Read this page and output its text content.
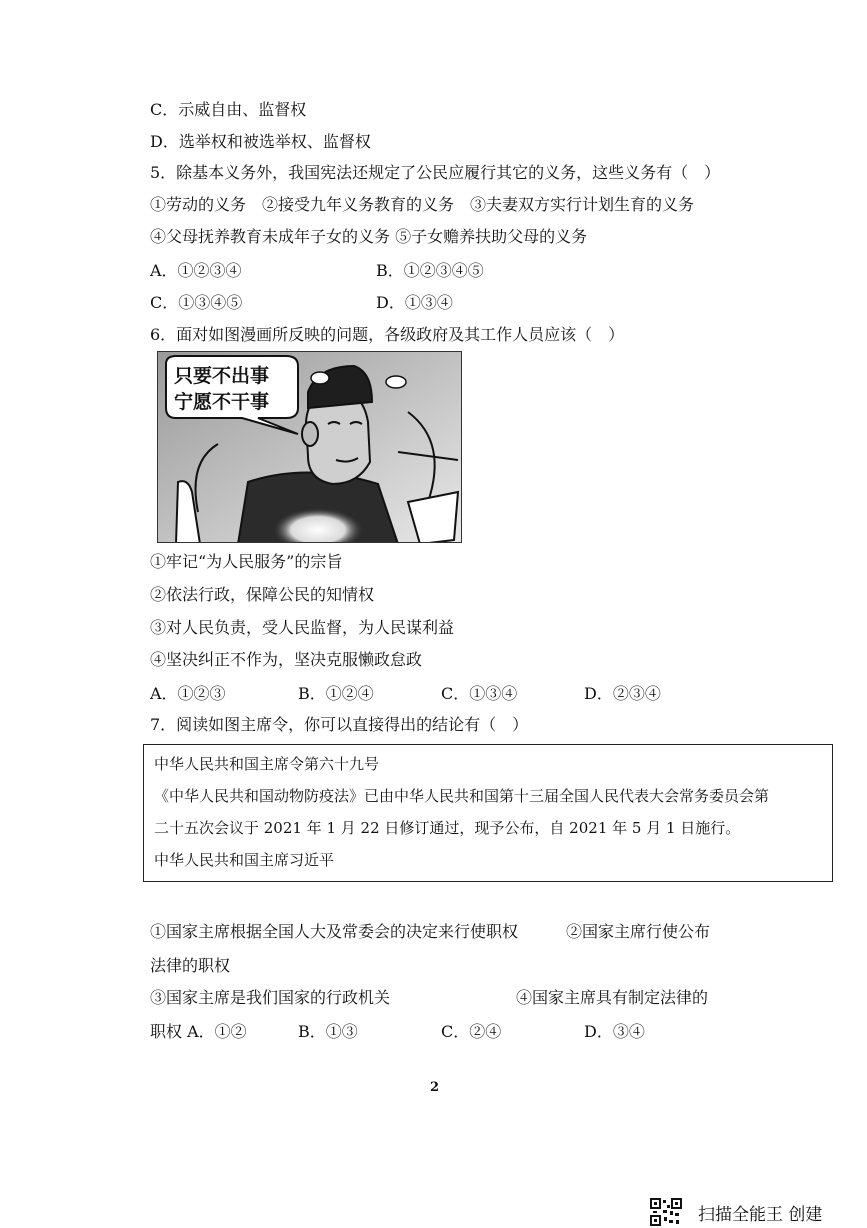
C．示威自由、监督权
D．选举权和被选举权、监督权
5．除基本义务外，我国宪法还规定了公民应履行其它的义务，这些义务有（　）
①劳动的义务　②接受九年义务教育的义务　③夫妻双方实行计划生育的义务
④父母抚养教育未成年子女的义务 ⑤子女赡养扶助父母的义务
A．①②③④	B．①②③④⑤
C．①③④⑤	D．①③④
6．面对如图漫画所反映的问题，各级政府及其工作人员应该（　）
只要不出事
宁愿不干事
①牢记“为人民服务”的宗旨
②依法行政，保障公民的知情权
③对人民负责，受人民监督，为人民谋利益
④坚决纠正不作为，坚决克服懒政怠政
A．①②③	B．①②④	C．①③④	D．②③④
7．阅读如图主席令，你可以直接得出的结论有（　）
中华人民共和国主席令第六十九号
《中华人民共和国动物防疫法》已由中华人民共和国第十三届全国人民代表大会常务委员会第
二十五次会议于 2021 年 1 月 22 日修订通过，现予公布，自 2021 年 5 月 1 日施行。
中华人民共和国主席习近平
①国家主席根据全国人大及常委会的决定来行使职权	②国家主席行使公布
法律的职权
③国家主席是我们国家的行政机关	④国家主席具有制定法律的
职权 A．①②	B．①③	C．②④	D．③④
2
扫描全能王 创建
